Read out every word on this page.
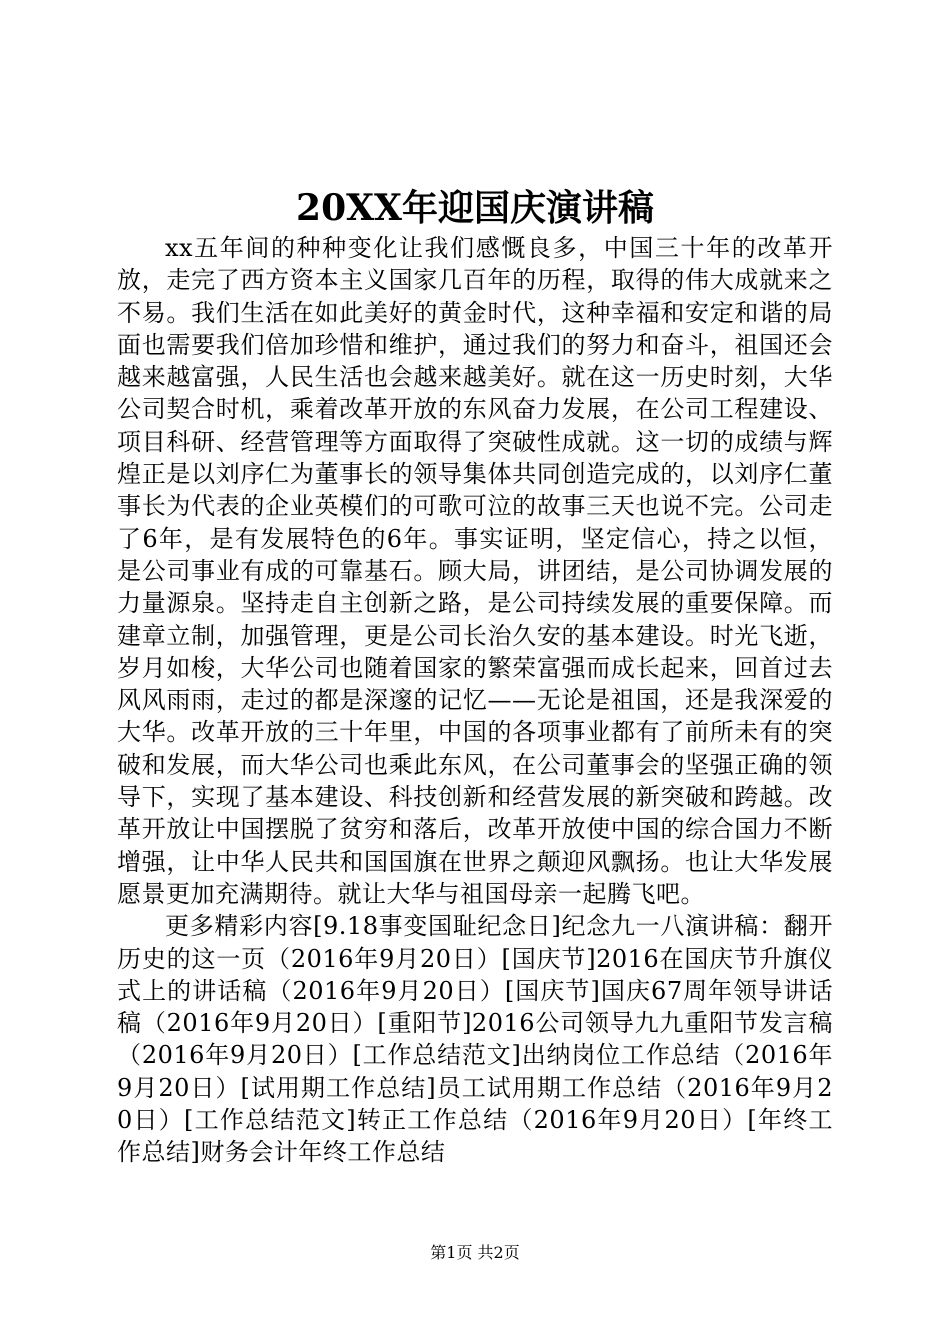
20XX年迎国庆演讲稿

xx五年间的种种变化让我们感慨良多，中国三十年的改革开放，走完了西方资本主义国家几百年的历程，取得的伟大成就来之不易。我们生活在如此美好的黄金时代，这种幸福和安定和谐的局面也需要我们倍加珍惜和维护，通过我们的努力和奋斗，祖国还会越来越富强，人民生活也会越来越美好。就在这一历史时刻，大华公司契合时机，乘着改革开放的东风奋力发展，在公司工程建设、项目科研、经营管理等方面取得了突破性成就。这一切的成绩与辉煌正是以刘序仁为董事长的领导集体共同创造完成的，以刘序仁董事长为代表的企业英模们的可歌可泣的故事三天也说不完。公司走了6年，是有发展特色的6年。事实证明，坚定信心，持之以恒，是公司事业有成的可靠基石。顾大局，讲团结，是公司协调发展的力量源泉。坚持走自主创新之路，是公司持续发展的重要保障。而建章立制，加强管理，更是公司长治久安的基本建设。时光飞逝，岁月如梭，大华公司也随着国家的繁荣富强而成长起来，回首过去风风雨雨，走过的都是深邃的记忆——无论是祖国，还是我深爱的大华。改革开放的三十年里，中国的各项事业都有了前所未有的突破和发展，而大华公司也乘此东风，在公司董事会的坚强正确的领导下，实现了基本建设、科技创新和经营发展的新突破和跨越。改革开放让中国摆脱了贫穷和落后，改革开放使中国的综合国力不断增强，让中华人民共和国国旗在世界之颠迎风飘扬。也让大华发展愿景更加充满期待。就让大华与祖国母亲一起腾飞吧。

更多精彩内容[9.18事变国耻纪念日]纪念九一八演讲稿：翻开历史的这一页（2016年9月20日）[国庆节]2016在国庆节升旗仪式上的讲话稿（2016年9月20日）[国庆节]国庆67周年领导讲话稿（2016年9月20日）[重阳节]2016公司领导九九重阳节发言稿（2016年9月20日）[工作总结范文]出纳岗位工作总结（2016年9月20日）[试用期工作总结]员工试用期工作总结（2016年9月20日）[工作总结范文]转正工作总结（2016年9月20日）[年终工作总结]财务会计年终工作总结

第1页 共2页
